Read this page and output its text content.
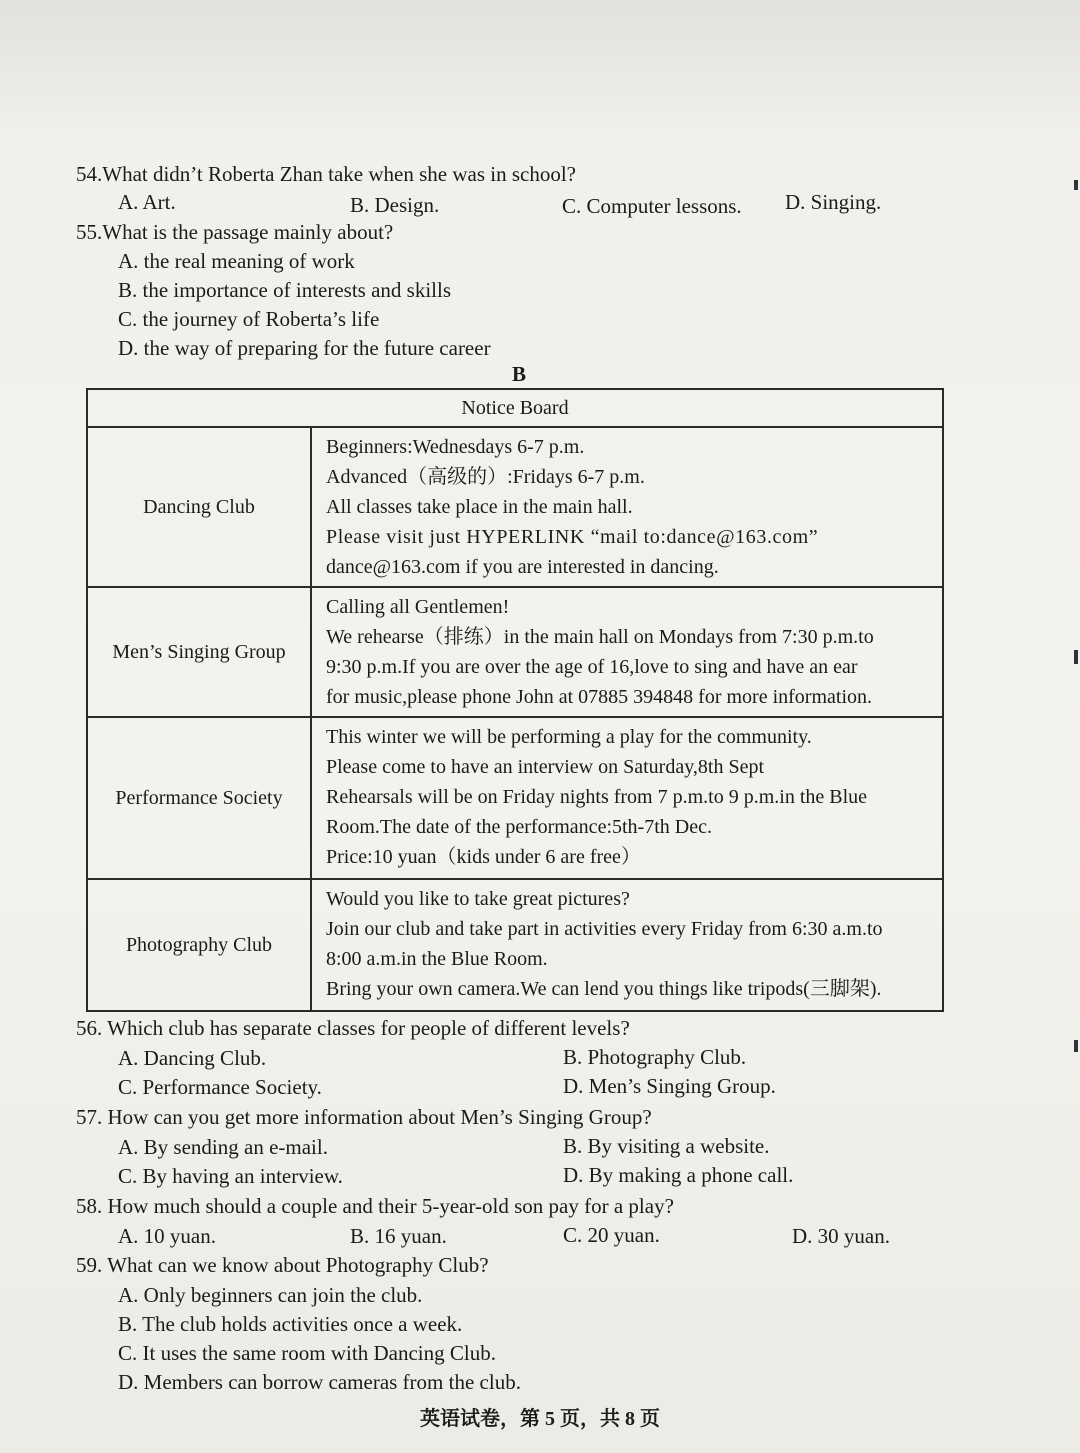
54.What didn’t Roberta Zhan take when she was in school?
A. Art.	B. Design.	C. Computer lessons. D. Singing.
55.What is the passage mainly about?
A. the real meaning of work
B. the importance of interests and skills
C. the journey of Roberta’s life
D. the way of preparing for the future career
B
Notice Board	
Dancing Club	Beginners:Wednesdays 6-7 p.m.
Advanced（高级的）:Fridays 6-7 p.m.
All classes take place in the main hall.
Please visit just HYPERLINK “mail to:dance@163.com”
dance@163.com if you are interested in dancing.

Men’s Singing Group	Calling all Gentlemen!
We rehearse（排练）in the main hall on Mondays from 7:30 p.m.to
9:30 p.m.If you are over the age of 16,love to sing and have an ear
for music,please phone John at 07885 394848 for more information.

Performance Society	This winter we will be performing a play for the community.
Please come to have an interview on Saturday,8th Sept
Rehearsals will be on Friday nights from 7 p.m.to 9 p.m.in the Blue
Room.The date of the performance:5th-7th Dec.
Price:10 yuan（kids under 6 are free）

Photography Club	Would you like to take great pictures?
Join our club and take part in activities every Friday from 6:30 a.m.to
8:00 a.m.in the Blue Room.
Bring your own camera.We can lend you things like tripods(三脚架).
56. Which club has separate classes for people of different levels?
A. Dancing Club.	B. Photography Club.
C. Performance Society.	D. Men’s Singing Group.
57. How can you get more information about Men’s Singing Group?
A. By sending an e-mail.	B. By visiting a website.
C. By having an interview.	D. By making a phone call.
58. How much should a couple and their 5-year-old son pay for a play?
A. 10 yuan.	B. 16 yuan.	C. 20 yuan.	D. 30 yuan.
59. What can we know about Photography Club?
A. Only beginners can join the club.
B. The club holds activities once a week.
C. It uses the same room with Dancing Club.
D. Members can borrow cameras from the club.
英语试卷，第 5 页，共 8 页
